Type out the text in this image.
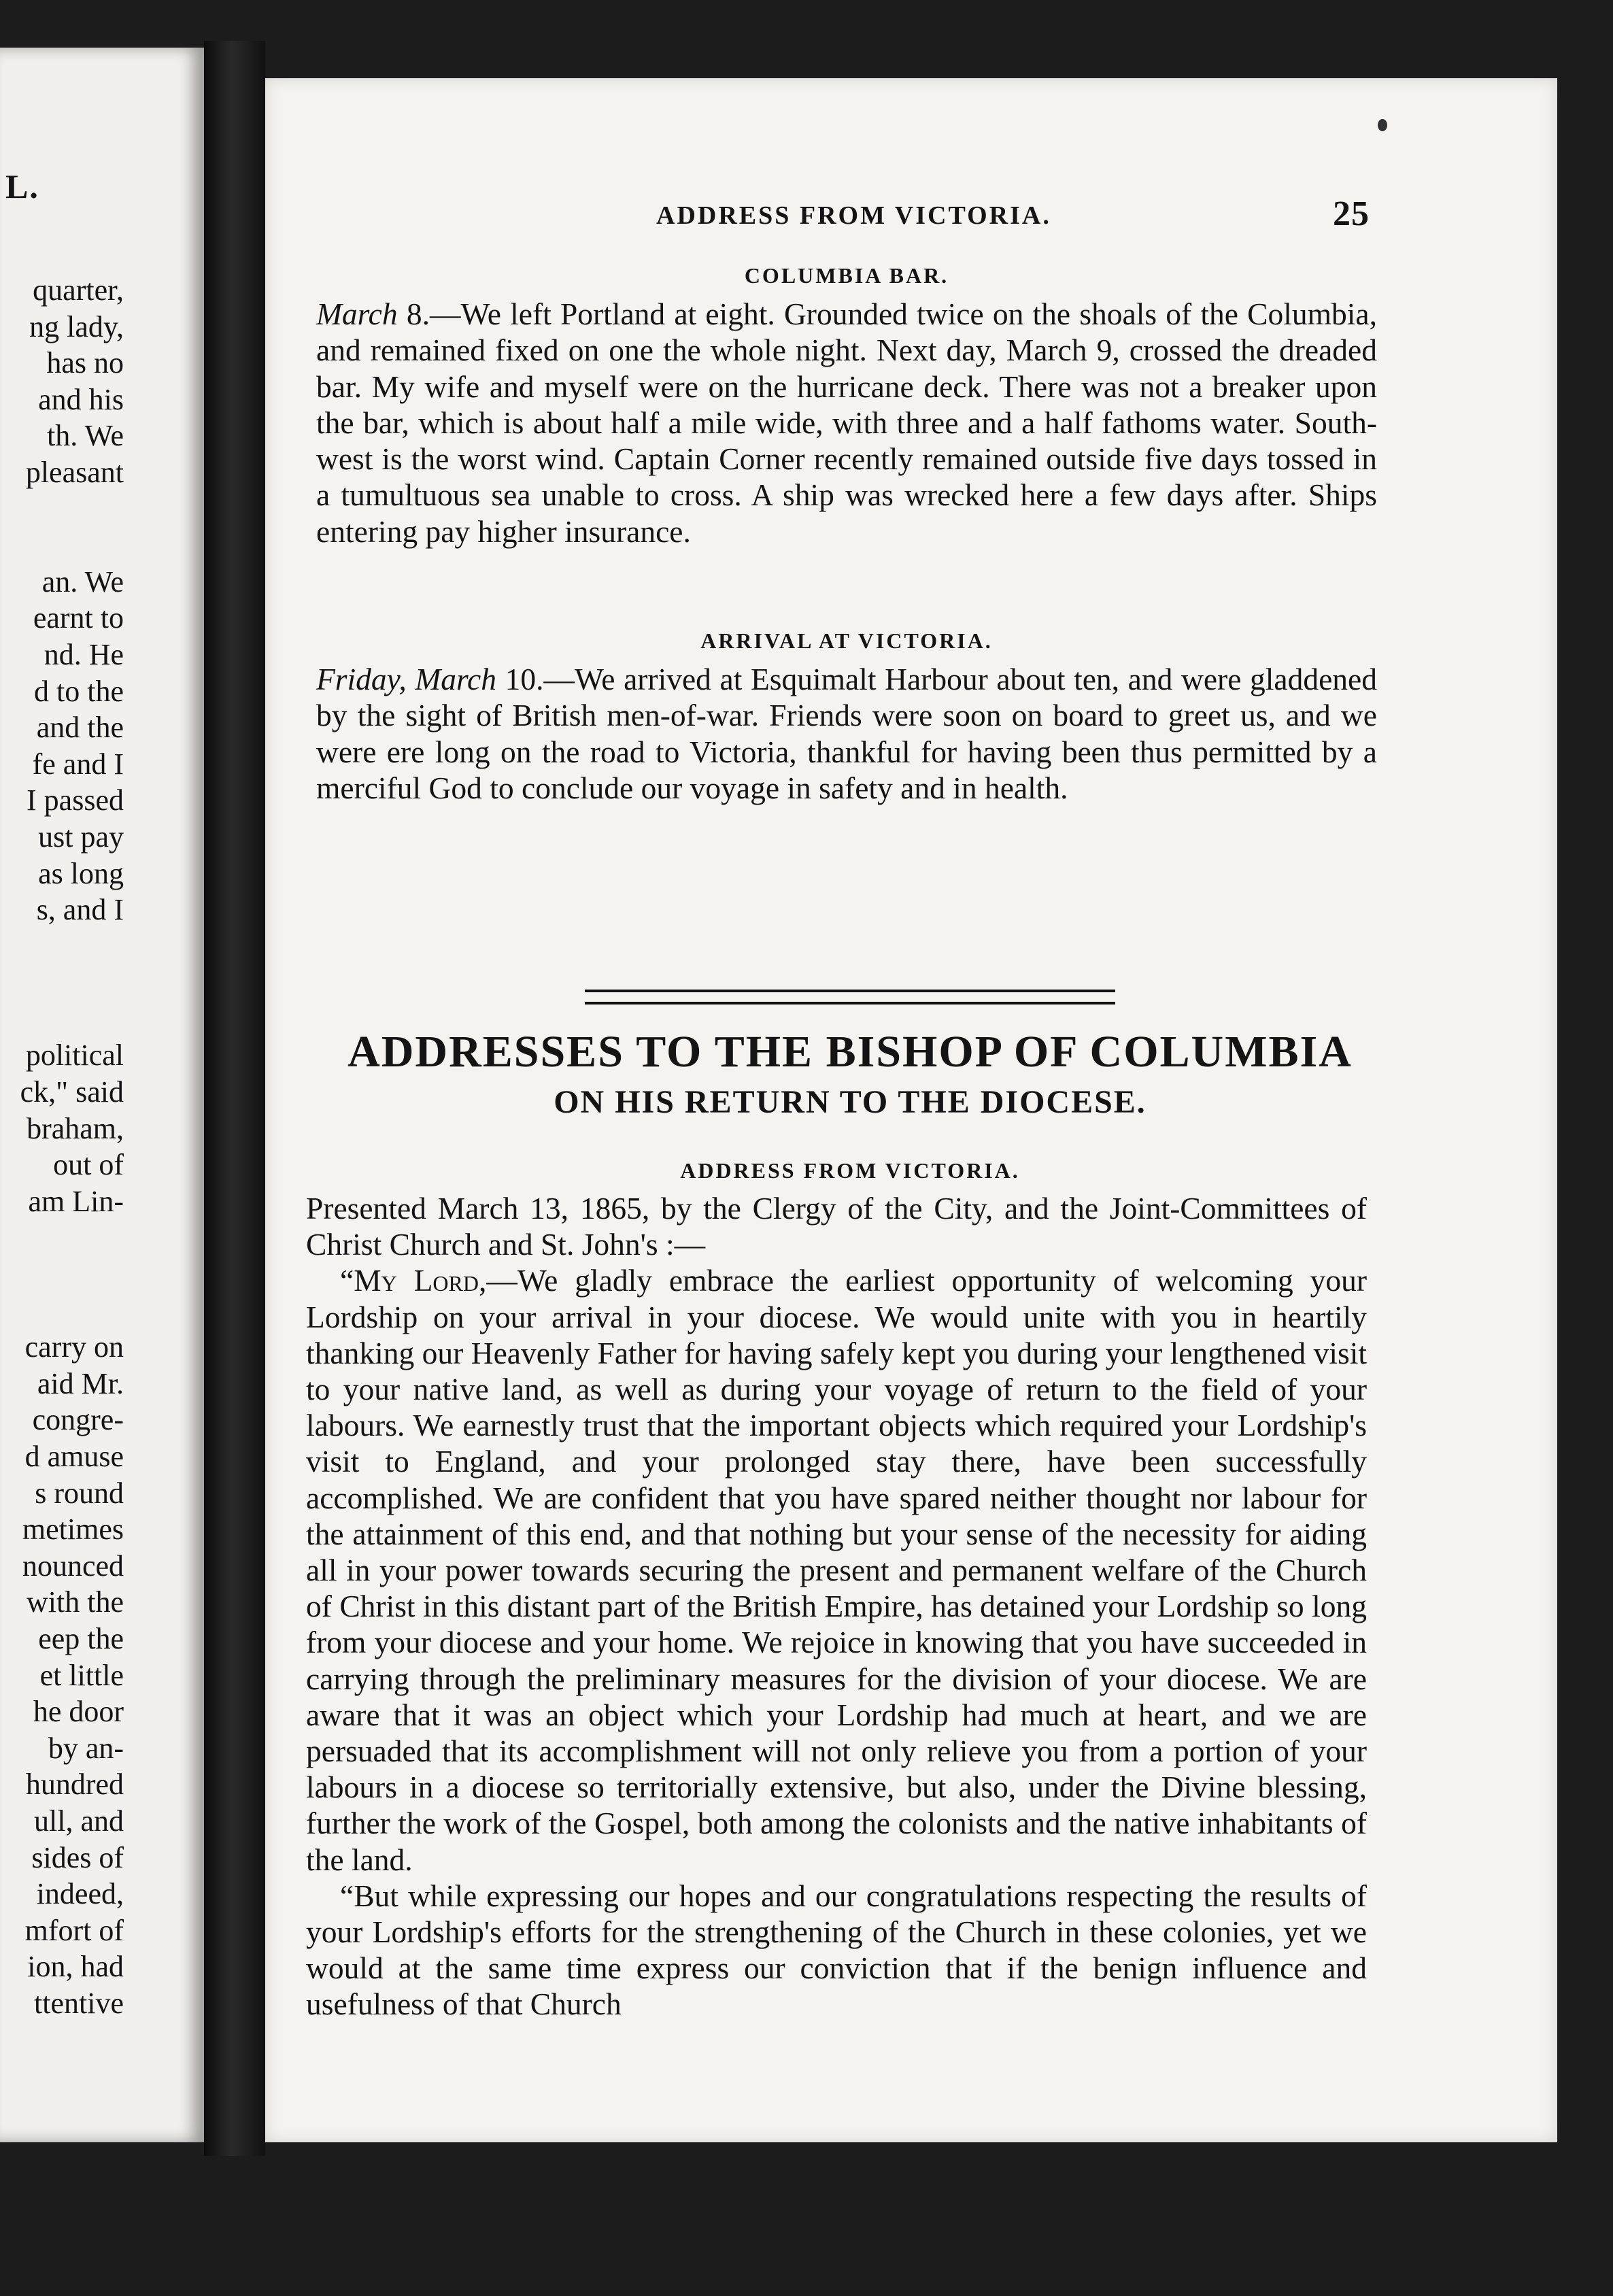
L.
quarter,
ng lady,
has no
and his
th. We
pleasant
an. We
earnt to
nd. He
d to the
and the
fe and I
I passed
ust pay
as long
s, and I
political
ck," said
braham,
out of
am Lin-
carry on
aid Mr.
congre-
d amuse
s round
metimes
nounced
with the
eep the
et little
he door
by an-
hundred
ull, and
sides of
indeed,
mfort of
ion, had
ttentive
ADDRESS FROM VICTORIA.	25
COLUMBIA BAR.
March 8.—We left Portland at eight. Grounded twice on the shoals of the Columbia, and remained fixed on one the whole night. Next day, March 9, crossed the dreaded bar. My wife and myself were on the hurricane deck. There was not a breaker upon the bar, which is about half a mile wide, with three and a half fathoms water. South-west is the worst wind. Captain Corner recently remained outside five days tossed in a tumultuous sea unable to cross. A ship was wrecked here a few days after. Ships entering pay higher insurance.
ARRIVAL AT VICTORIA.
Friday, March 10.—We arrived at Esquimalt Harbour about ten, and were gladdened by the sight of British men-of-war. Friends were soon on board to greet us, and we were ere long on the road to Victoria, thankful for having been thus permitted by a merciful God to conclude our voyage in safety and in health.
ADDRESSES TO THE BISHOP OF COLUMBIA
ON HIS RETURN TO THE DIOCESE.
ADDRESS FROM VICTORIA.

Presented March 13, 1865, by the Clergy of the City, and the Joint-Committees of Christ Church and St. John's :—

“My Lord,—We gladly embrace the earliest opportunity of welcoming your Lordship on your arrival in your diocese. We would unite with you in heartily thanking our Heavenly Father for having safely kept you during your lengthened visit to your native land, as well as during your voyage of return to the field of your labours. We earnestly trust that the important objects which required your Lordship's visit to England, and your prolonged stay there, have been successfully accomplished. We are confident that you have spared neither thought nor labour for the attainment of this end, and that nothing but your sense of the necessity for aiding all in your power towards securing the present and permanent welfare of the Church of Christ in this distant part of the British Empire, has detained your Lordship so long from your diocese and your home. We rejoice in knowing that you have succeeded in carrying through the preliminary measures for the division of your diocese. We are aware that it was an object which your Lordship had much at heart, and we are persuaded that its accomplishment will not only relieve you from a portion of your labours in a diocese so territorially extensive, but also, under the Divine blessing, further the work of the Gospel, both among the colonists and the native inhabitants of the land.

“But while expressing our hopes and our congratulations respecting the results of your Lordship's efforts for the strengthening of the Church in these colonies, yet we would at the same time express our conviction that if the benign influence and usefulness of that Church
